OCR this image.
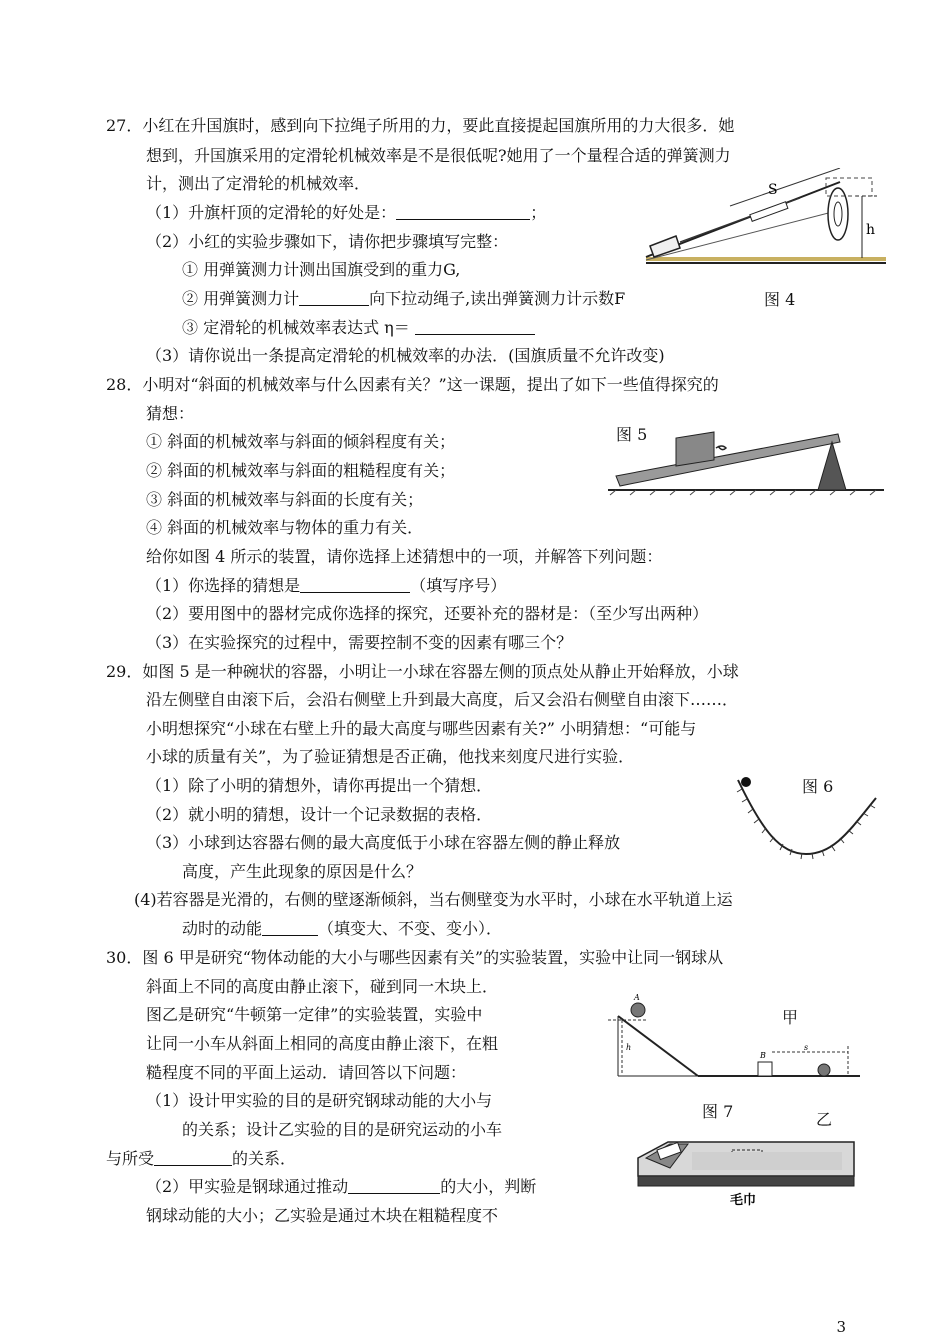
27．小红在升国旗时，感到向下拉绳子所用的力，要此直接提起国旗所用的力大很多．她
想到，升国旗采用的定滑轮机械效率是不是很低呢?她用了一个量程合适的弹簧测力
计，测出了定滑轮的机械效率．
（1）升旗杆顶的定滑轮的好处是：	；
（2）小红的实验步骤如下，请你把步骤填写完整：
① 用弹簧测力计测出国旗受到的重力G,
② 用弹簧测力计	向下拉动绳子,读出弹簧测力计示数F
③ 定滑轮的机械效率表达式 η＝
（3）请你说出一条提高定滑轮的机械效率的办法．(国旗质量不允许改变)
S
h
图 4
28．小明对“斜面的机械效率与什么因素有关？”这一课题，提出了如下一些值得探究的
猜想：
① 斜面的机械效率与斜面的倾斜程度有关；
② 斜面的机械效率与斜面的粗糙程度有关；
③ 斜面的机械效率与斜面的长度有关；
④ 斜面的机械效率与物体的重力有关．
给你如图 4 所示的装置，请你选择上述猜想中的一项，并解答下列问题：
（1）你选择的猜想是	（填写序号）
（2）要用图中的器材完成你选择的探究，还要补充的器材是：（至少写出两种）
（3）在实验探究的过程中，需要控制不变的因素有哪三个？
图 5
29．如图 5 是一种碗状的容器，小明让一小球在容器左侧的顶点处从静止开始释放，小球
沿左侧壁自由滚下后，会沿右侧壁上升到最大高度，后又会沿右侧壁自由滚下……．
小明想探究“小球在右壁上升的最大高度与哪些因素有关?” 小明猜想：“可能与
小球的质量有关”，为了验证猜想是否正确，他找来刻度尺进行实验．
（1）除了小明的猜想外，请你再提出一个猜想．
（2）就小明的猜想，设计一个记录数据的表格．
（3）小球到达容器右侧的最大高度低于小球在容器左侧的静止释放
高度，产生此现象的原因是什么？
(4)若容器是光滑的，右侧的壁逐渐倾斜，当右侧壁变为水平时，小球在水平轨道上运
动时的动能	（填变大、不变、变小）．
图 6
30．图 6 甲是研究“物体动能的大小与哪些因素有关”的实验装置，实验中让同一钢球从
斜面上不同的高度由静止滚下，碰到同一木块上．
图乙是研究“牛顿第一定律”的实验装置，实验中
让同一小车从斜面上相同的高度由静止滚下，在粗
糙程度不同的平面上运动．请回答以下问题：
（1）设计甲实验的目的是研究钢球动能的大小与
的关系；设计乙实验的目的是研究运动的小车
与所受	的关系．
（2）甲实验是钢球通过推动	的大小，判断
钢球动能的大小；乙实验是通过木块在粗糙程度不
A
h
B
s
甲
图 7	乙
毛巾
3
